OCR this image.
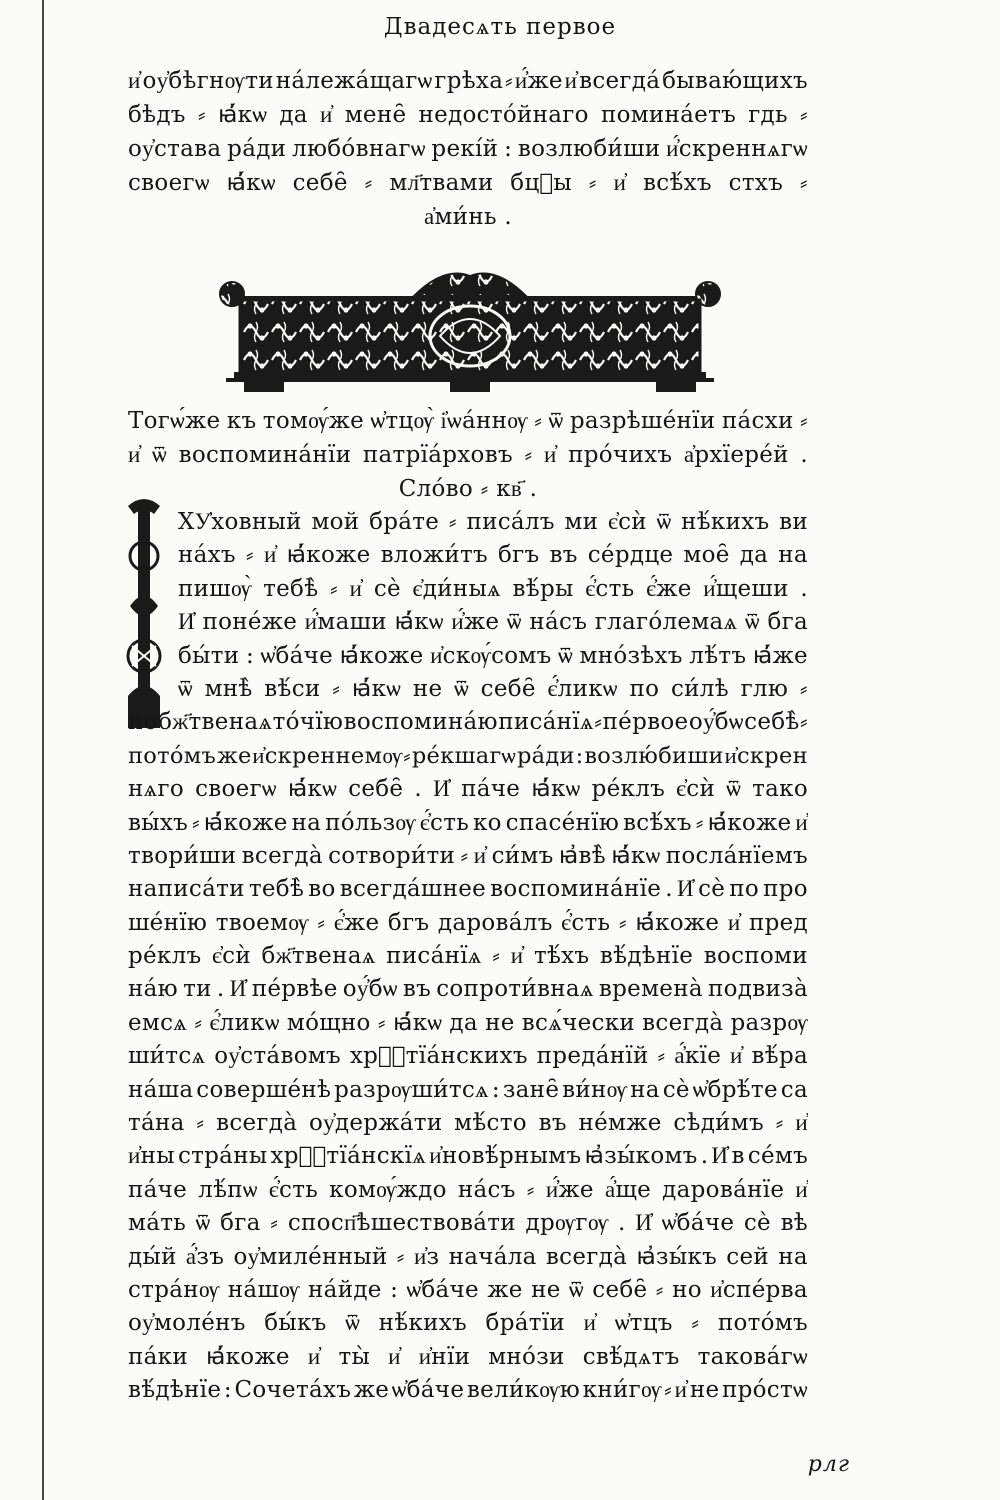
Двадесѧть первое
и҆ оу҆бѣгнѹти на́лежа́щагѡ грѣха ⸗ и҆́же и҆ всегда́ бываю́щихъ
бѣдъ ⸗ ꙗ҆́кѡ да и҆ мене̑ недосто́йнаго помина́етъ гдь ⸗
оу҆става ра́ди любо́внагѡ рекі́й : возлюби́ши и҆́скреннѧгѡ
своегѡ ꙗ҆́кѡ себе̑ ⸗ мл҃твами бцⷣы ⸗ и҆ всѣ́хъ стхъ ⸗
а҆ми́нь .
Тогѡ́же къ томѹ́же ѡ҆тцѹ̀ і҆ѡа́ннѹ ⸗ ѿ разрѣше́нїи па́схи ⸗
и҆ ѿ воспомина́нїи патрїа́рховъ ⸗ и҆ про́чихъ а҆рхїере́й .
Сло́во ⸗ кв҃ .
ХУ҆ховный мой бра́те ⸗ писа́лъ ми є҆сѝ ѿ нѣ́кихъ ви
на́хъ ⸗ и҆ ꙗ҆́коже вложи́тъ бгъ въ се́рдце мое̑ да на
пишѹ̀ тебѣ̀ ⸗ и҆ сѐ є҆ди́ныѧ вѣ́ры є҆́сть є҆́же и҆́щеши .
И҆ поне́же и҆́маши ꙗ҆́кѡ и҆́же ѿ на́съ глаго́лемаѧ ѿ бга
бы́ти : ѡ҆ба́че ꙗ҆́коже и҆скѹ́сомъ ѿ мно́зѣхъ лѣ́тъ ꙗ҆́же
ѿ мнѣ̀ вѣ́си ⸗ ꙗ҆́кѡ не ѿ себе̑ є҆́ликѡ по си́лѣ глю ⸗
но бж҃твенаѧ то́чїю воспомина́ю писа́нїѧ ⸗ пе́рвое оу҆́бѡ себѣ̀ ⸗
пото́мъ же и҆скреннемѹ ⸗ ре́кшагѡ ра́ди : возлю́биши и҆скрен
нѧго своегѡ ꙗ҆́кѡ себе̑ . И҆ па́че ꙗ҆́кѡ ре́клъ є҆сѝ ѿ тако
вы́хъ ⸗ ꙗ҆́коже на по́льзѹ є҆́сть ко спасе́нїю всѣ́хъ ⸗ ꙗ҆́коже и҆
твори́ши всегда̀ сотвори́ти ⸗ и҆ си́мъ ꙗ҆вѣ̀ ꙗ҆́кѡ посла́нїемъ
написа́ти тебѣ̀ во всегда́шнее воспомина́нїе . И҆ сѐ по про
ше́нїю твоемѹ ⸗ є҆́же бгъ дарова́лъ є҆́сть ⸗ ꙗ҆́коже и҆ пред
ре́клъ є҆сѝ бж҃твенаѧ писа́нїѧ ⸗ и҆ тѣ́хъ вѣ́дѣнїе воспоми
на́ю ти . И҆ пе́рвѣе оу҆́бѡ въ сопроти́внаѧ времена̀ подвиза̀
емсѧ ⸗ є҆́ликѡ мо́щно ⸗ ꙗ҆́кѡ да не всѧ́чески всегда̀ разрѹ
ши́тсѧ оу҆ста́вомъ хрⷭ҇тїа́нскихъ преда́нїй ⸗ а҆́кїе и҆ вѣ́ра
на́ша соверше́нѣ разрѹши́тсѧ : зане̑ ви́нѹ на сѐ ѡ҆брѣ́те са
та́на ⸗ всегда̀ оу҆держа́ти мѣ́сто въ не́мже сѣди́мъ ⸗ и҆
и҆ны стра́ны хрⷭ҇тїа́нскїѧ и҆новѣ́рнымъ ꙗ҆зы́комъ . И҆ в се́мъ
па́че лѣ́пѡ є҆́сть комѹ́ждо на́съ ⸗ и҆́же а҆́ще дарова́нїе и҆
ма́ть ѿ бга ⸗ спосп҃ѣшествова́ти дрѹгѹ . И҆ ѡ҆ба́че сѐ вѣ
ды́й а҆́зъ оу҆миле́нный ⸗ и҆з нача́ла всегда̀ ꙗ҆зы́къ сей на
стра́нѹ на́шѹ на́йде : ѡ҆ба́че же не ѿ себе̑ ⸗ но и҆спе́рва
оу҆моле́нъ бы́къ ѿ нѣ́кихъ бра́тїи и҆ ѡ҆тцъ ⸗ пото́мъ
па́ки ꙗ҆́коже и҆ ты̀ и҆ и҆нїи мно́зи свѣ́дѧтъ такова́гѡ
вѣ́дѣнїе : Сочета́хъ же ѡ҆ба́че вели́кѹю кни́гѹ ⸗ и҆ не про́стѡ
рлг
